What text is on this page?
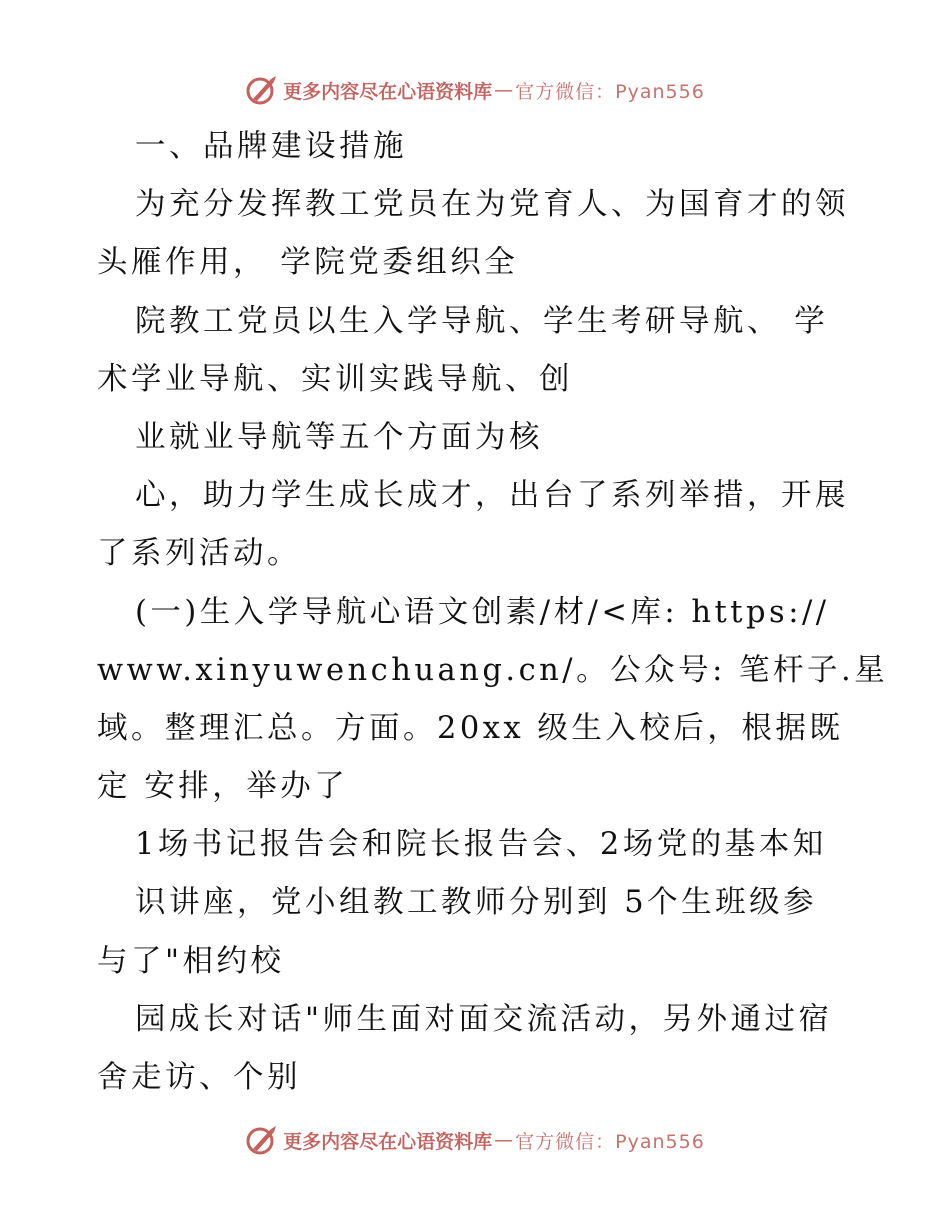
更多内容尽在心语资料库 — 官方微信：Pyan556
一、品牌建设措施
为充分发挥教工党员在为党育人、为国育才的领
头雁作用， 学院党委组织全
院教工党员以生入学导航、学生考研导航、 学
术学业导航、实训实践导航、创
业就业导航等五个方面为核
心，助力学生成长成才，出台了系列举措，开展
了系列活动。
(一)生入学导航心语文创素/材/<库: https://
www.xinyuwenchuang.cn/。公众号: 笔杆子.星
域。整理汇总。方面。20xx 级生入校后，根据既
定 安排，举办了
1场书记报告会和院长报告会、2场党的基本知
识讲座，党小组教工教师分别到 5个生班级参
与了"相约校
园成长对话"师生面对面交流活动，另外通过宿
舍走访、个别
更多内容尽在心语资料库 — 官方微信：Pyan556
